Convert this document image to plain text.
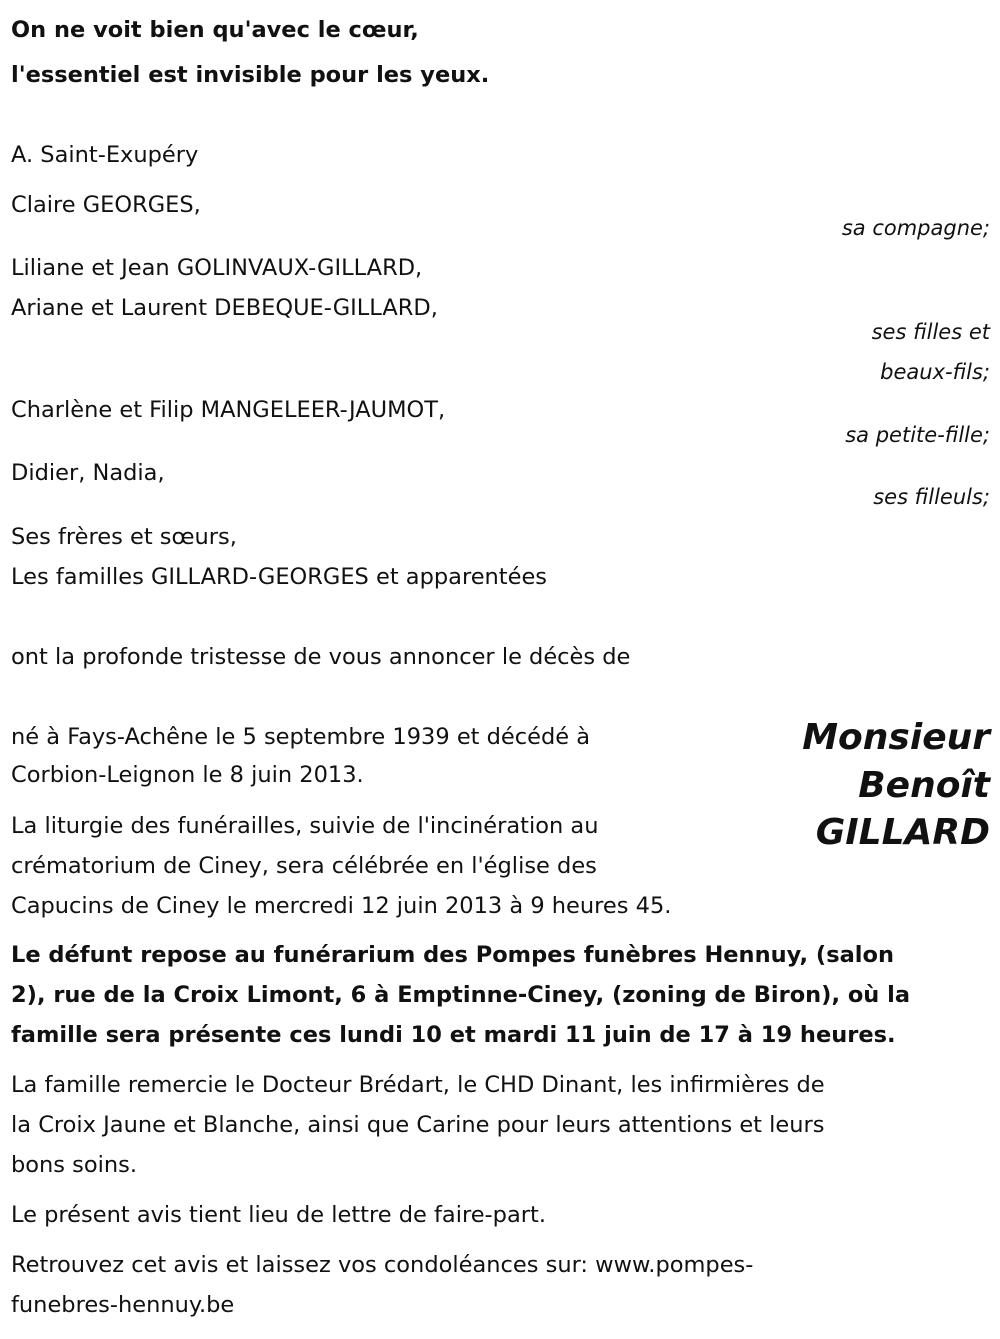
On ne voit bien qu'avec le cœur,
l'essentiel est invisible pour les yeux.
A. Saint-Exupéry
Claire GEORGES,
sa compagne;
Liliane et Jean GOLINVAUX-GILLARD,
Ariane et Laurent DEBEQUE-GILLARD,
ses filles et
beaux-fils;
Charlène et Filip MANGELEER-JAUMOT,
sa petite-fille;
Didier, Nadia,
ses filleuls;
Ses frères et sœurs,
Les familles GILLARD-GEORGES et apparentées
ont la profonde tristesse de vous annoncer le décès de
Monsieur
Benoît
GILLARD
né à Fays-Achêne le 5 septembre 1939 et décédé à
Corbion-Leignon le 8 juin 2013.
La liturgie des funérailles, suivie de l'incinération au
crématorium de Ciney, sera célébrée en l'église des
Capucins de Ciney le mercredi 12 juin 2013 à 9 heures 45.
Le défunt repose au funérarium des Pompes funèbres Hennuy, (salon
2), rue de la Croix Limont, 6 à Emptinne-Ciney, (zoning de Biron), où la
famille sera présente ces lundi 10 et mardi 11 juin de 17 à 19 heures.
La famille remercie le Docteur Brédart, le CHD Dinant, les infirmières de
la Croix Jaune et Blanche, ainsi que Carine pour leurs attentions et leurs
bons soins.
Le présent avis tient lieu de lettre de faire-part.
Retrouvez cet avis et laissez vos condoléances sur: www.pompes-
funebres-hennuy.be
